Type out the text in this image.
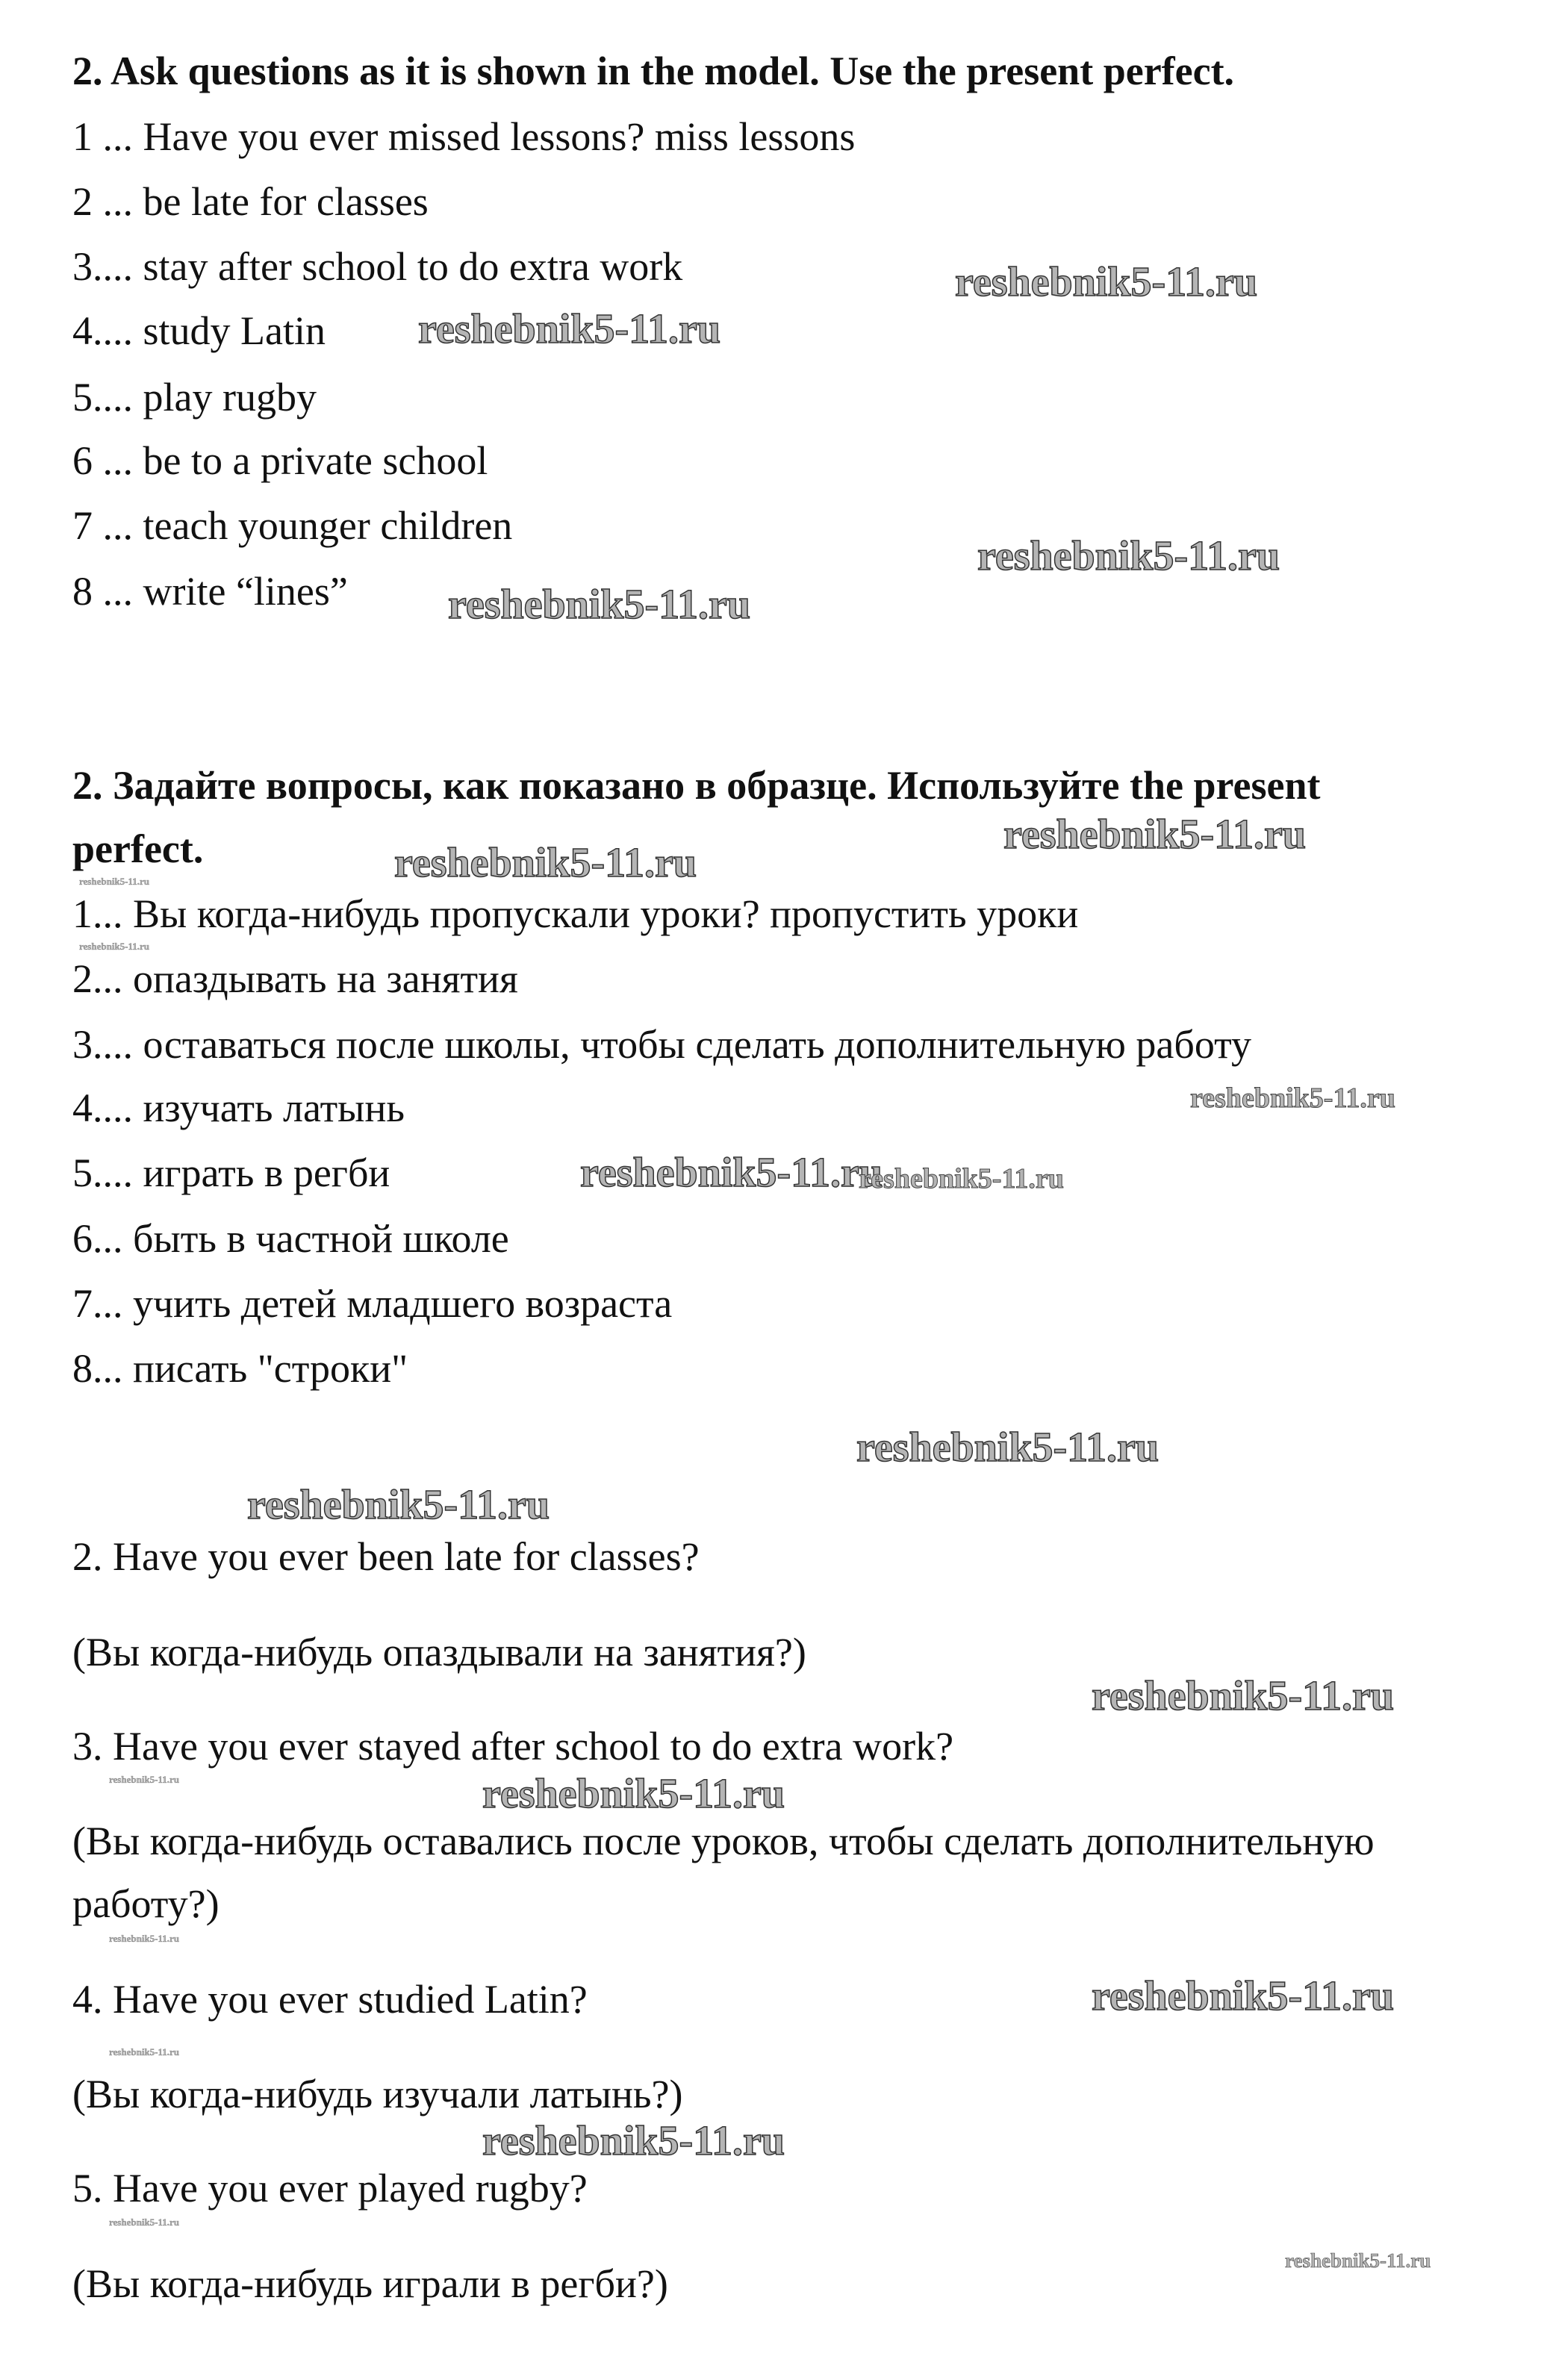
2. Ask questions as it is shown in the model. Use the present perfect.
1 ... Have you ever missed lessons? miss lessons
2 ... be late for classes
3.... stay after school to do extra work
4.... study Latin
5.... play rugby
6 ... be to a private school
7 ... teach younger children
8 ... write “lines”
2. Задайте вопросы, как показано в образце. Используйте the present
perfect.
1... Вы когда-нибудь пропускали уроки? пропустить уроки
2... опаздывать на занятия
3.... оставаться после школы, чтобы сделать дополнительную работу
4.... изучать латынь
5.... играть в регби
6... быть в частной школе
7... учить детей младшего возраста
8... писать "строки"
2. Have you ever been late for classes?
(Вы когда-нибудь опаздывали на занятия?)
3. Have you ever stayed after school to do extra work?
(Вы когда-нибудь оставались после уроков, чтобы сделать дополнительную
работу?)
4. Have you ever studied Latin?
(Вы когда-нибудь изучали латынь?)
5. Have you ever played rugby?
(Вы когда-нибудь играли в регби?)
reshebnik5-11.ru
reshebnik5-11.ru
reshebnik5-11.ru
reshebnik5-11.ru
reshebnik5-11.ru
reshebnik5-11.ru
reshebnik5-11.ru
reshebnik5-11.ru
reshebnik5-11.ru
reshebnik5-11.ru
reshebnik5-11.ru
reshebnik5-11.ru
reshebnik5-11.ru
reshebnik5-11.ru
reshebnik5-11.ru
reshebnik5-11.ru
reshebnik5-11.ru
reshebnik5-11.ru
reshebnik5-11.ru
reshebnik5-11.ru
reshebnik5-11.ru
reshebnik5-11.ru
